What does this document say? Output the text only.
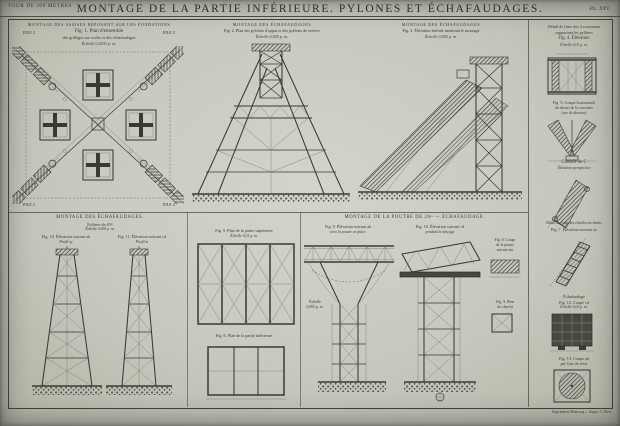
TOUR DE 300 MÈTRES MONTAGE DE LA PARTIE INFÉRIEURE. PYLONES ET ÉCHAFAUDAGES.	PL. XXV.
MONTAGE DES ASSISES REPOSANT SUR LES FONDATIONS
Fig. 1. Plan d'ensemble
des grillages sur socles et des échafaudages
Échelle 0,0033 p. m.
PILE 2	PILE 3
PILE 1	PILE 4
MONTAGE DES ÉCHAFAUDAGES
Fig. 2. Plan des pylônes d'appui et des pylônes de service
Échelle 0,005 p. m.
MONTAGE DES ÉCHAFAUDAGES
Fig. 3. Élévation latérale montrant le montage
Échelle 0,005 p. m.
Détail de l'une des 4 couronnes
supportant les pylônes
Fig. 4. Élévation
Échelle 0,01 p. m.
Fig. 5. Coupe horizontale
du dessus de la couronne
(vue de dessous)
Console de C
Élévation perspective
Détail de l'une des échelles inclinées
Fig. 7. Élévation suivant xy
Échafaudage
Fig. 12. Coupe cd
Échelle 0,02 p. m.
Fig. 13. Coupe ab
par l'axe du vérin
MONTAGE DES ÉCHAFAUDAGES.
Pylônes de 45ᵐ
Échelle 0,005 p. m.
Fig. 10. Élévation suivant ab
Profil xy
Fig. 11. Élévation suivant cd
Profil zt
Fig. 5. Plan de la partie supérieure
Échelle 0,01 p. m.
Fig. 6. Plan de la partie inférieure
MONTAGE DE LA POUTRE DE 26ᵐ — ÉCHAFAUDAGE
Fig. 9. Élévation suivant ab
avec la poutre en place
Fig. 10. Élévation suivant cd
pendant le lançage
Échelle
0,005 p. m.
Fig. 8. Coupe
de la poutre
suivant mn
Fig. 9. Plan
du chariot
Imprimerie Monrocq, r. Suger, 3, Paris.
